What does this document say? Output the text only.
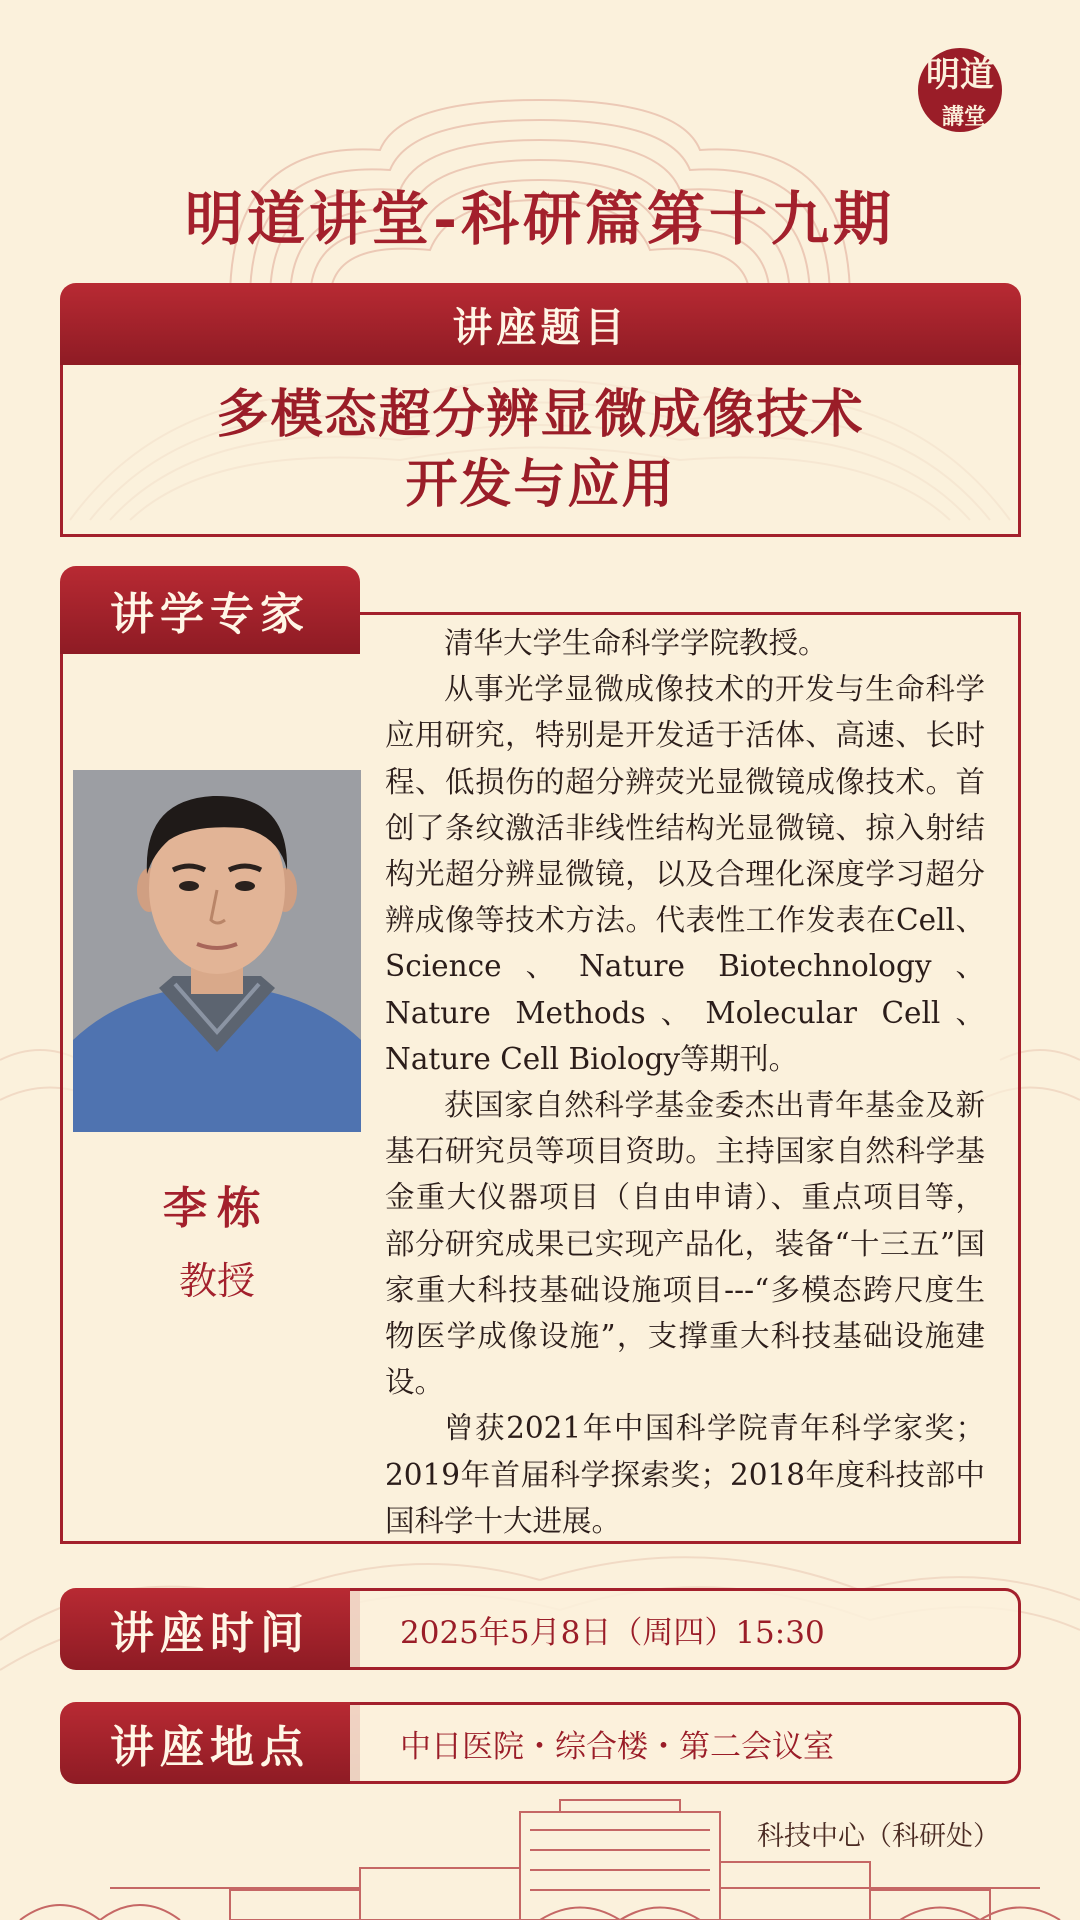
明道
講堂
明道讲堂-科研篇第十九期
讲座题目
多模态超分辨显微成像技术
开发与应用
讲学专家
李栋
教授

清华大学生命科学学院教授。

从事光学显微成像技术的开发与生命科学应用研究，特别是开发适于活体、高速、长时程、低损伤的超分辨荧光显微镜成像技术。首创了条纹激活非线性结构光显微镜、掠入射结构光超分辨显微镜，以及合理化深度学习超分辨成像等技术方法。代表性工作发表在Cell、Science、Nature Biotechnology、Nature Methods、Molecular Cell、Nature Cell Biology等期刊。

获国家自然科学基金委杰出青年基金及新基石研究员等项目资助。主持国家自然科学基金重大仪器项目（自由申请）、重点项目等，部分研究成果已实现产品化，装备“十三五”国家重大科技基础设施项目---“多模态跨尺度生物医学成像设施”，支撑重大科技基础设施建设。

曾获2021年中国科学院青年科学家奖；2019年首届科学探索奖；2018年度科技部中国科学十大进展。

讲座时间	2025年5月8日（周四）15:30
讲座地点	中日医院・综合楼・第二会议室
科技中心（科研处）
